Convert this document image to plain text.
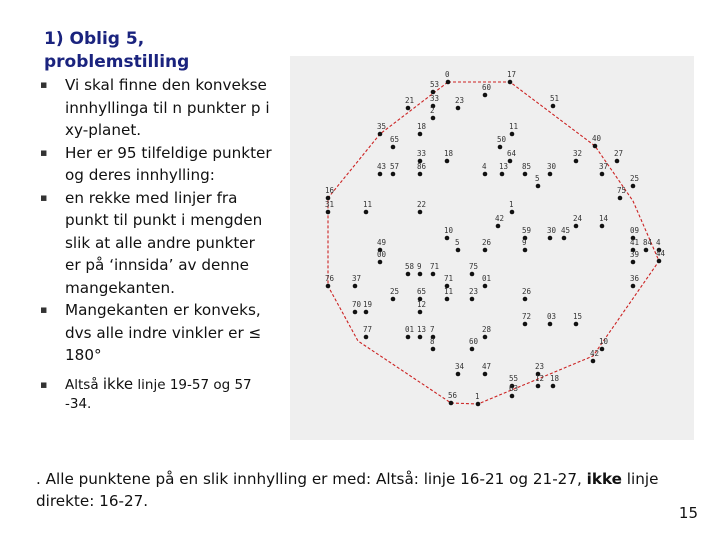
1) Oblig 5, problemstilling
▪ Vi skal finne den konvekse innhyllinga til n punkter p i xy-planet.
▪ Her er 95 tilfeldige punkter og deres innhylling:
▪ en rekke med linjer fra punkt til punkt i mengden slik at alle andre punkter er på ‘innsida’ av denne mangekanten.
▪ Mangekanten er konveks, dvs alle indre vinkler er ≤ 180°
▪ Altså ikke linje 19-57 og 57 -34.
0	17
53	60
21 33 23	51
2
35	18	11
65	50	40
33 18	64	32	27
43 57 86	4	85 30	37
25
5
16	75
31	11	22	1
42	24 14
10	59 30 45	09
49	5	26	9	41 84 4
00	39 44
58 9 71	75
76 37	71	01	36
25 65 11 23	26
70 19	12
72 03 15
77	01 13 7	28
8	60	10
42
34 47	23
55 12 18
63
56 1
13
. Alle punktene på en slik innhylling er med: Altså: linje 16-21 og 21-27, ikke linje direkte: 16-27.
15
